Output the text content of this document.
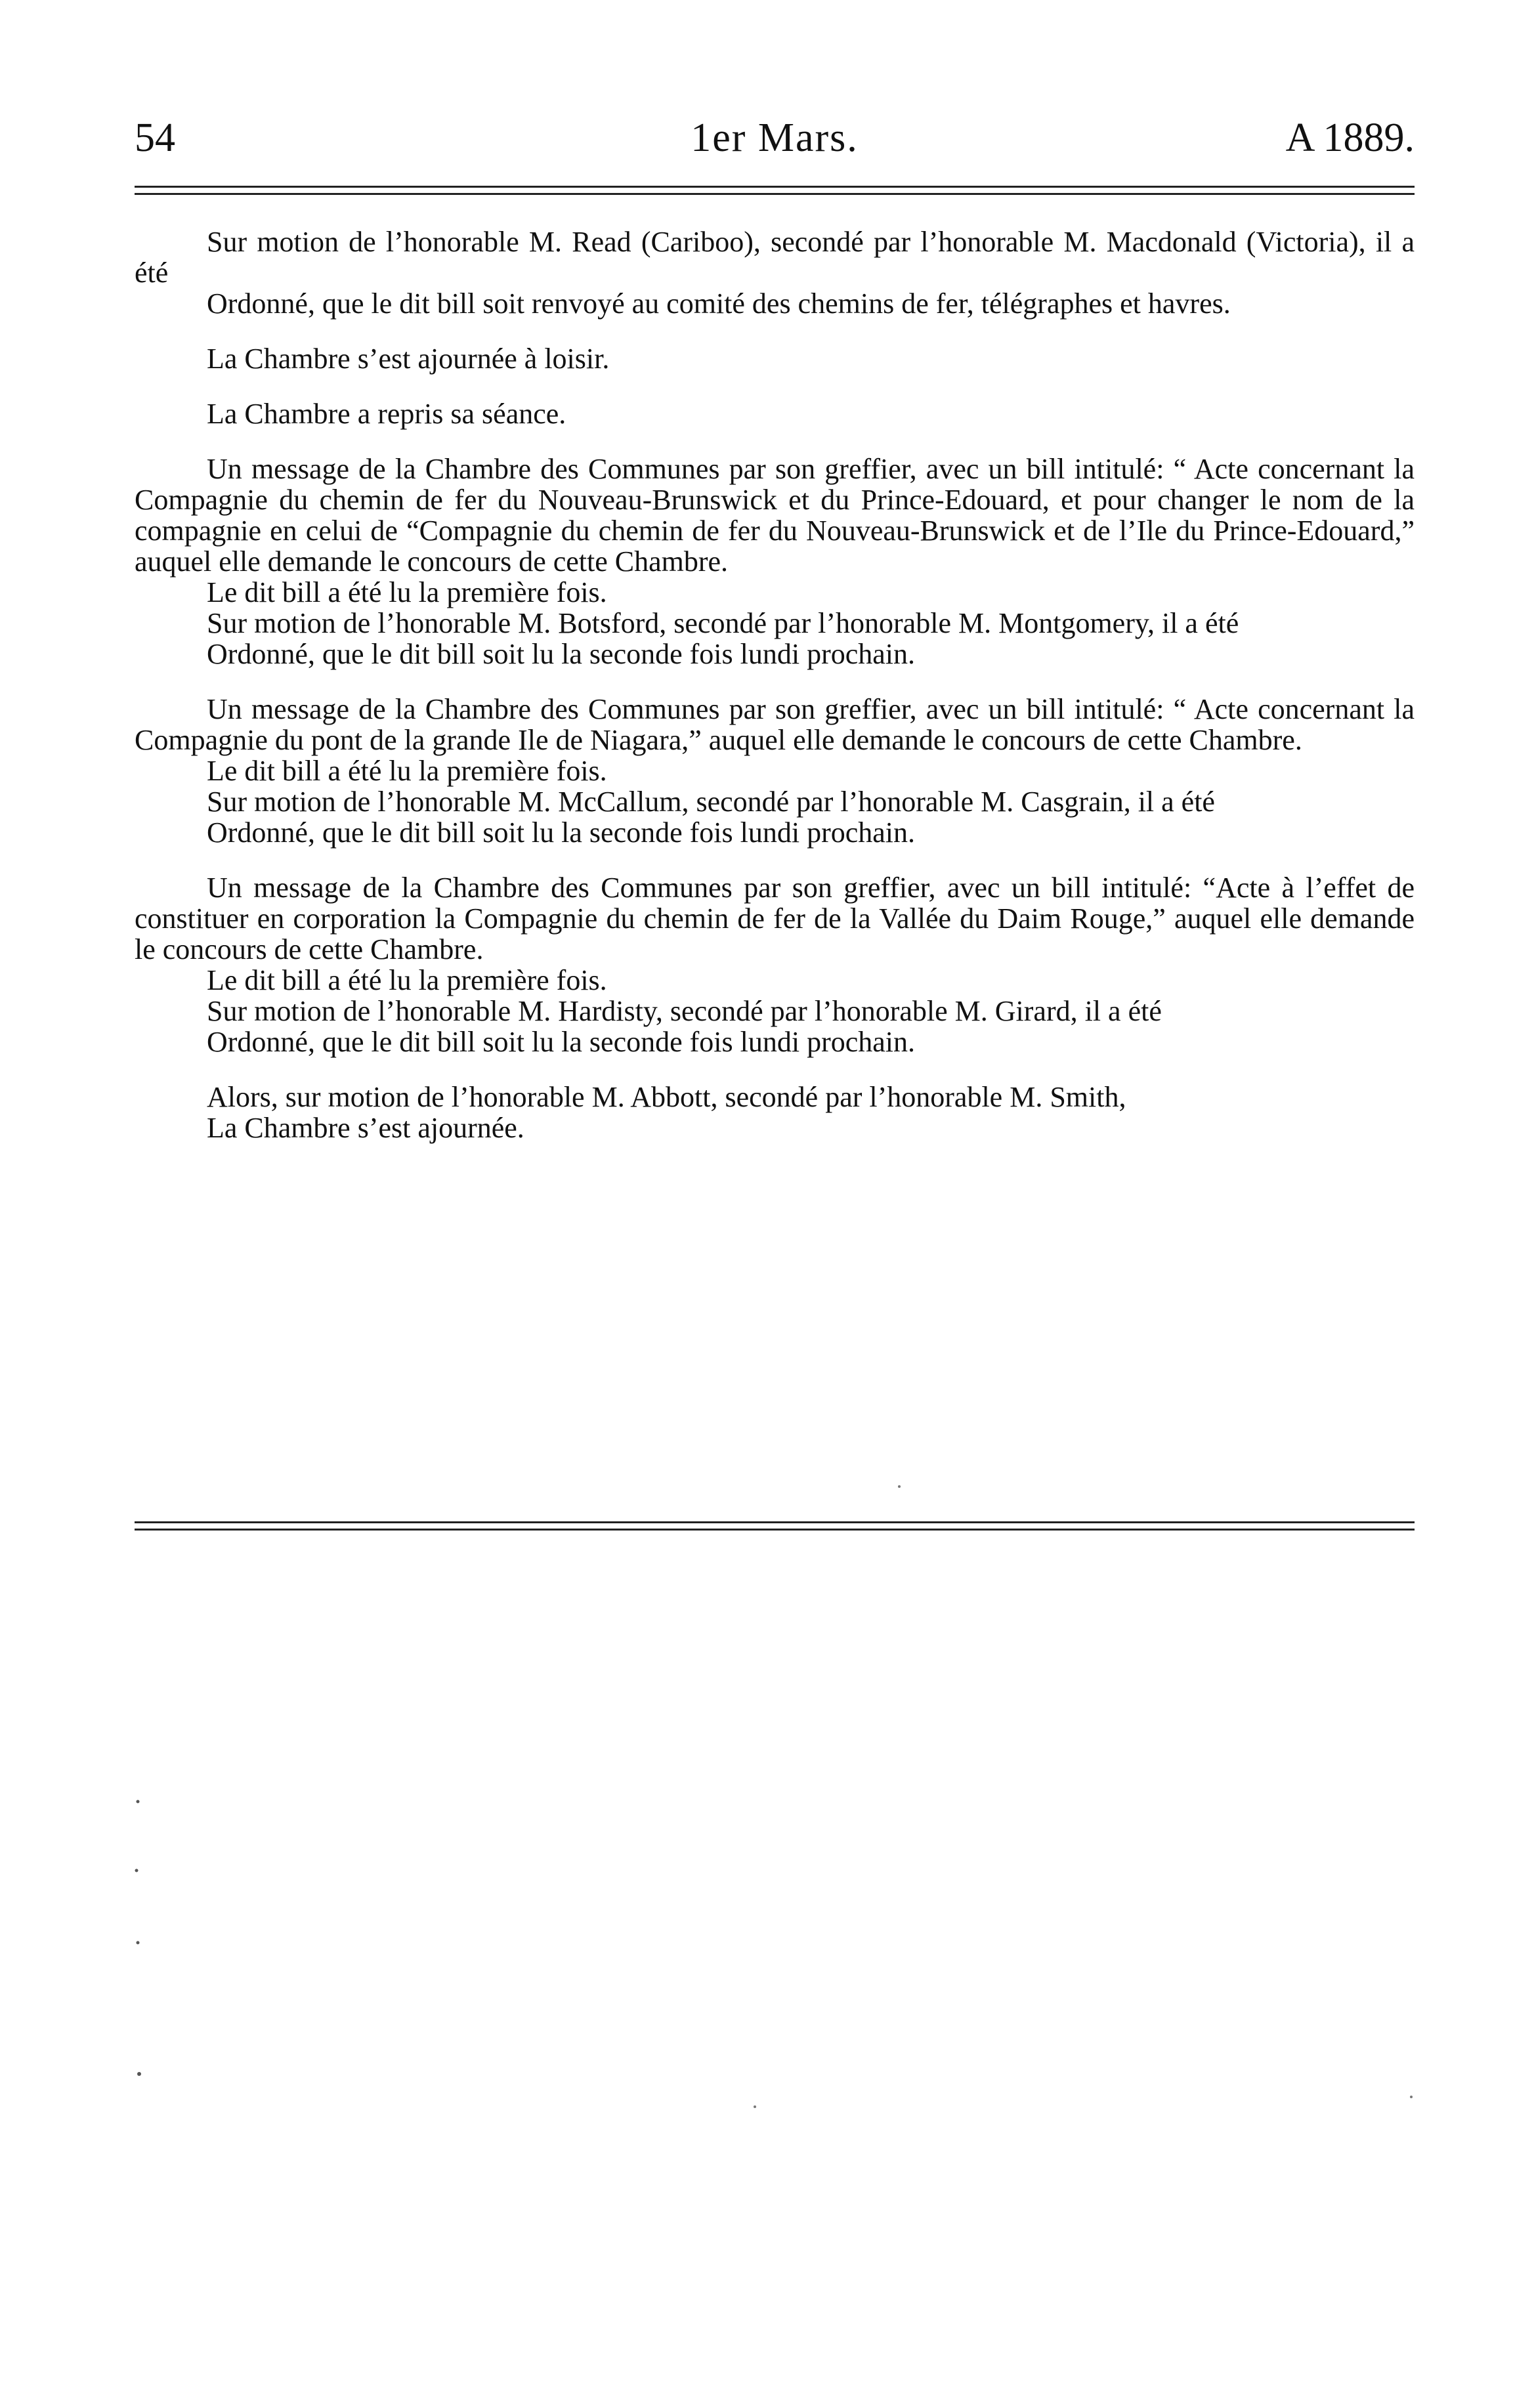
54	1er Mars.	A 1889.

Sur motion de l’honorable M. Read (Cariboo), secondé par l’honorable M. Macdonald (Victoria), il a été

Ordonné, que le dit bill soit renvoyé au comité des chemins de fer, télégraphes et havres.

La Chambre s’est ajournée à loisir.

La Chambre a repris sa séance.

Un message de la Chambre des Communes par son greffier, avec un bill intitulé: “ Acte concernant la Compagnie du chemin de fer du Nouveau-Brunswick et du Prince-Edouard, et pour changer le nom de la compagnie en celui de “Compagnie du chemin de fer du Nouveau-Brunswick et de l’Ile du Prince-Edouard,” auquel elle demande le concours de cette Chambre.

Le dit bill a été lu la première fois.

Sur motion de l’honorable M. Botsford, secondé par l’honorable M. Montgomery, il a été

Ordonné, que le dit bill soit lu la seconde fois lundi prochain.

Un message de la Chambre des Communes par son greffier, avec un bill intitulé: “ Acte concernant la Compagnie du pont de la grande Ile de Niagara,” auquel elle demande le concours de cette Chambre.

Le dit bill a été lu la première fois.

Sur motion de l’honorable M. McCallum, secondé par l’honorable M. Casgrain, il a été

Ordonné, que le dit bill soit lu la seconde fois lundi prochain.

Un message de la Chambre des Communes par son greffier, avec un bill intitulé: “Acte à l’effet de constituer en corporation la Compagnie du chemin de fer de la Vallée du Daim Rouge,” auquel elle demande le concours de cette Chambre.

Le dit bill a été lu la première fois.

Sur motion de l’honorable M. Hardisty, secondé par l’honorable M. Girard, il a été

Ordonné, que le dit bill soit lu la seconde fois lundi prochain.

Alors, sur motion de l’honorable M. Abbott, secondé par l’honorable M. Smith,

La Chambre s’est ajournée.
